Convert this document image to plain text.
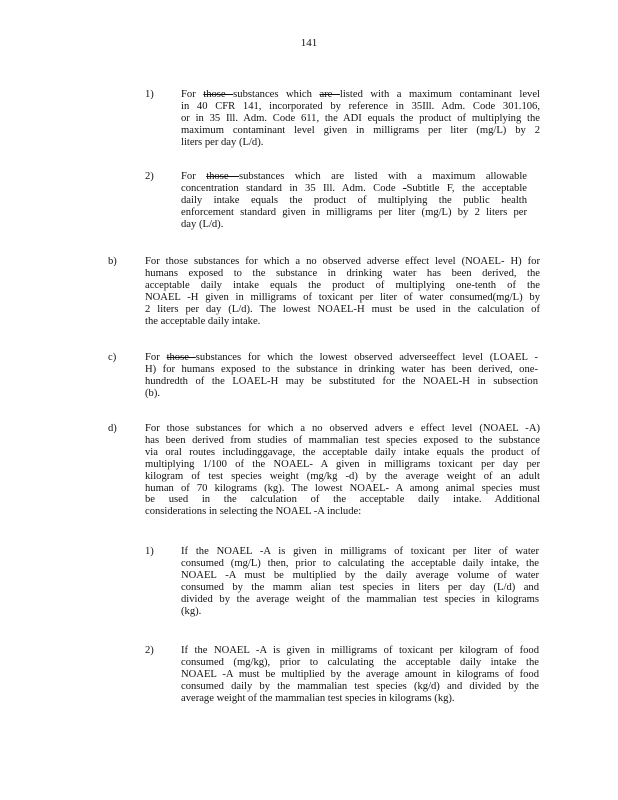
141
1)	For those substances which are listed with a maximum contaminant level
in 40 CFR 141, incorporated by reference in 35Ill. Adm. Code 301.106,
or in 35 Ill. Adm. Code 611, the ADI equals the product of multiplying the
maximum contaminant level given in milligrams per liter (mg/L) by 2
liters per day (L/d).
2)	For those substances which are listed with a maximum allowable
concentration standard in 35 Ill. Adm. Code -Subtitle F, the acceptable
daily intake equals the product of multiplying the public health
enforcement standard given in milligrams per liter (mg/L) by 2 liters per
day (L/d).
b)	For those substances for which a no observed adverse effect level (NOAEL- H) for
humans exposed to the substance in drinking water has been derived, the
acceptable daily intake equals the product of multiplying one-tenth of the
NOAEL -H given in milligrams of toxicant per liter of water consumed(mg/L) by
2 liters per day (L/d). The lowest NOAEL-H must be used in the calculation of
the acceptable daily intake.
c)	For those substances for which the lowest observed adverseeffect level (LOAEL -
H) for humans exposed to the substance in drinking water has been derived, one-
hundredth of the LOAEL-H may be substituted for the NOAEL-H in subsection
(b).
d)	For those substances for which a no observed advers e effect level (NOAEL -A)
has been derived from studies of mammalian test species exposed to the substance
via oral routes includinggavage, the acceptable daily intake equals the product of
multiplying 1/100 of the NOAEL- A given in milligrams toxicant per day per
kilogram of test species weight (mg/kg -d) by the average weight of an adult
human of 70 kilograms (kg). The lowest NOAEL- A among animal species must
be used in the calculation of the acceptable daily intake. Additional
considerations in selecting the NOAEL -A include:
1)	If the NOAEL -A is given in milligrams of toxicant per liter of water
consumed (mg/L) then, prior to calculating the acceptable daily intake, the
NOAEL -A must be multiplied by the daily average volume of water
consumed by the mamm alian test species in liters per day (L/d) and
divided by the average weight of the mammalian test species in kilograms
(kg).
2)	If the NOAEL -A is given in milligrams of toxicant per kilogram of food
consumed (mg/kg), prior to calculating the acceptable daily intake the
NOAEL -A must be multiplied by the average amount in kilograms of food
consumed daily by the mammalian test species (kg/d) and divided by the
average weight of the mammalian test species in kilograms (kg).
